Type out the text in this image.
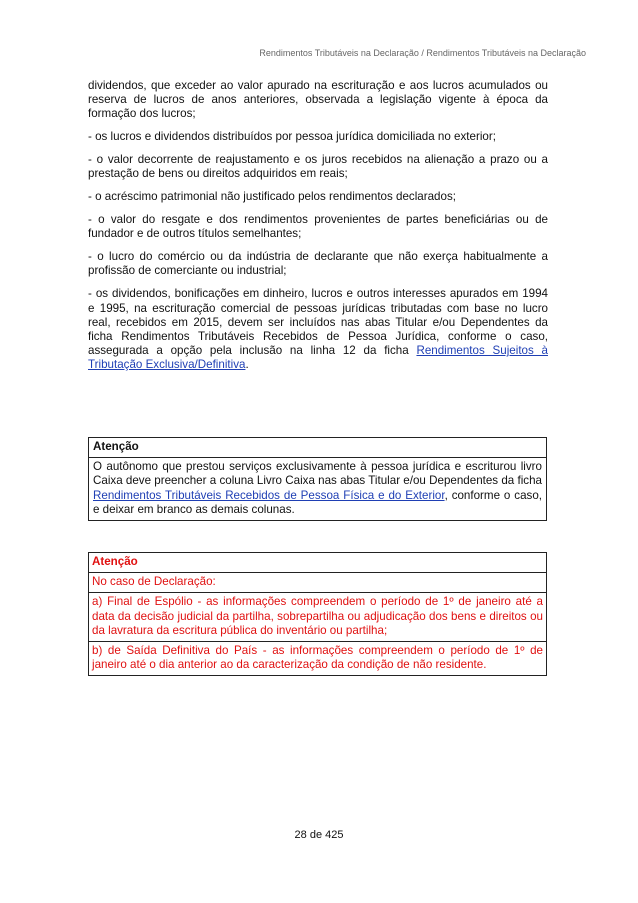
Rendimentos Tributáveis na Declaração / Rendimentos Tributáveis na Declaração

dividendos, que exceder ao valor apurado na escrituração e aos lucros acumulados ou reserva de lucros de anos anteriores, observada a legislação vigente à época da formação dos lucros;

- os lucros e dividendos distribuídos por pessoa jurídica domiciliada no exterior;

- o valor decorrente de reajustamento e os juros recebidos na alienação a prazo ou a prestação de bens ou direitos adquiridos em reais;

- o acréscimo patrimonial não justificado pelos rendimentos declarados;

- o valor do resgate e dos rendimentos provenientes de partes beneficiárias ou de fundador e de outros títulos semelhantes;

- o lucro do comércio ou da indústria de declarante que não exerça habitualmente a profissão de comerciante ou industrial;

- os dividendos, bonificações em dinheiro, lucros e outros interesses apurados em 1994 e 1995, na escrituração comercial de pessoas jurídicas tributadas com base no lucro real, recebidos em 2015, devem ser incluídos nas abas Titular e/ou Dependentes da ficha Rendimentos Tributáveis Recebidos de Pessoa Jurídica, conforme o caso, assegurada a opção pela inclusão na linha 12 da ficha Rendimentos Sujeitos à Tributação Exclusiva/Definitiva.

Atenção
O autônomo que prestou serviços exclusivamente à pessoa jurídica e escriturou livro Caixa deve preencher a coluna Livro Caixa nas abas Titular e/ou Dependentes da ficha Rendimentos Tributáveis Recebidos de Pessoa Física e do Exterior, conforme o caso, e deixar em branco as demais colunas.
Atenção
No caso de Declaração:
a) Final de Espólio - as informações compreendem o período de 1º de janeiro até a data da decisão judicial da partilha, sobrepartilha ou adjudicação dos bens e direitos ou da lavratura da escritura pública do inventário ou partilha;
b) de Saída Definitiva do País - as informações compreendem o período de 1º de janeiro até o dia anterior ao da caracterização da condição de não residente.
28 de 425
